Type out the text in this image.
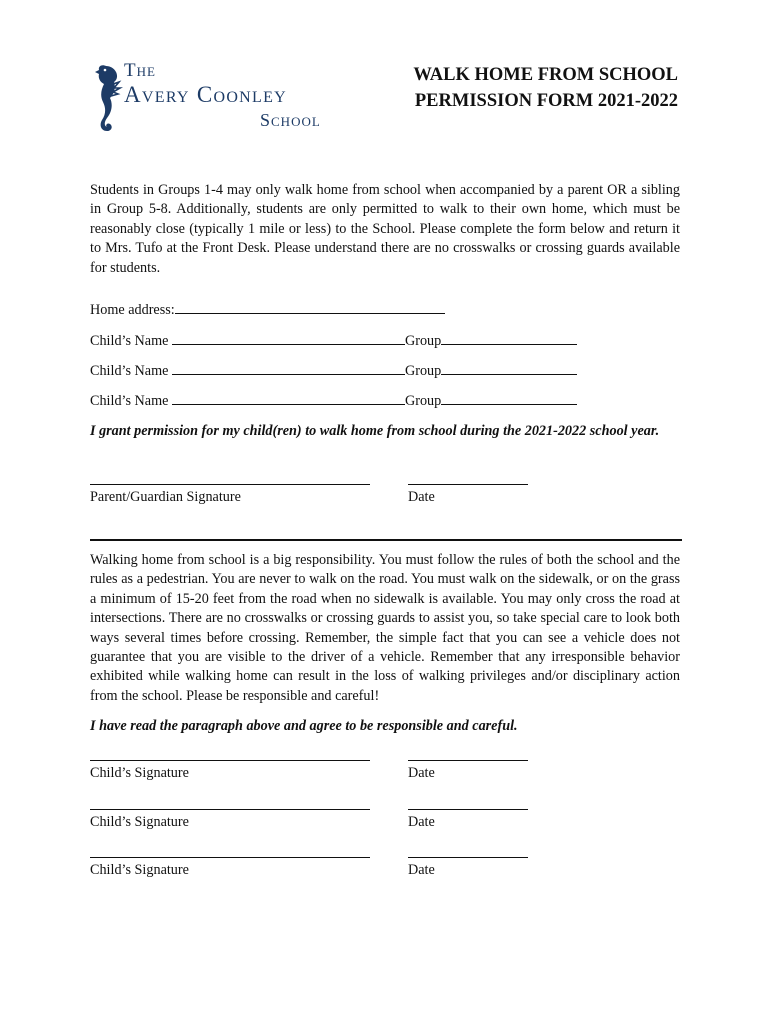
The
Avery Coonley
School
WALK HOME FROM SCHOOL
PERMISSION FORM 2021-2022

Students in Groups 1-4 may only walk home from school when accompanied by a parent OR a sibling in Group 5-8. Additionally, students are only permitted to walk to their own home, which must be reasonably close (typically 1 mile or less) to the School. Please complete the form below and return it to Mrs. Tufo at the Front Desk. Please understand there are no crosswalks or crossing guards available for students.

Home address:
Child’s Name	Group
Child’s Name	Group
Child’s Name	Group

I grant permission for my child(ren) to walk home from school during the 2021-2022 school year.

Parent/Guardian Signature	Date

Walking home from school is a big responsibility. You must follow the rules of both the school and the rules as a pedestrian. You are never to walk on the road. You must walk on the sidewalk, or on the grass a minimum of 15-20 feet from the road when no sidewalk is available. You may only cross the road at intersections. There are no crosswalks or crossing guards to assist you, so take special care to look both ways several times before crossing. Remember, the simple fact that you can see a vehicle does not guarantee that you are visible to the driver of a vehicle. Remember that any irresponsible behavior exhibited while walking home can result in the loss of walking privileges and/or disciplinary action from the school. Please be responsible and careful!

I have read the paragraph above and agree to be responsible and careful.

Child’s Signature	Date
Child’s Signature	Date
Child’s Signature	Date
